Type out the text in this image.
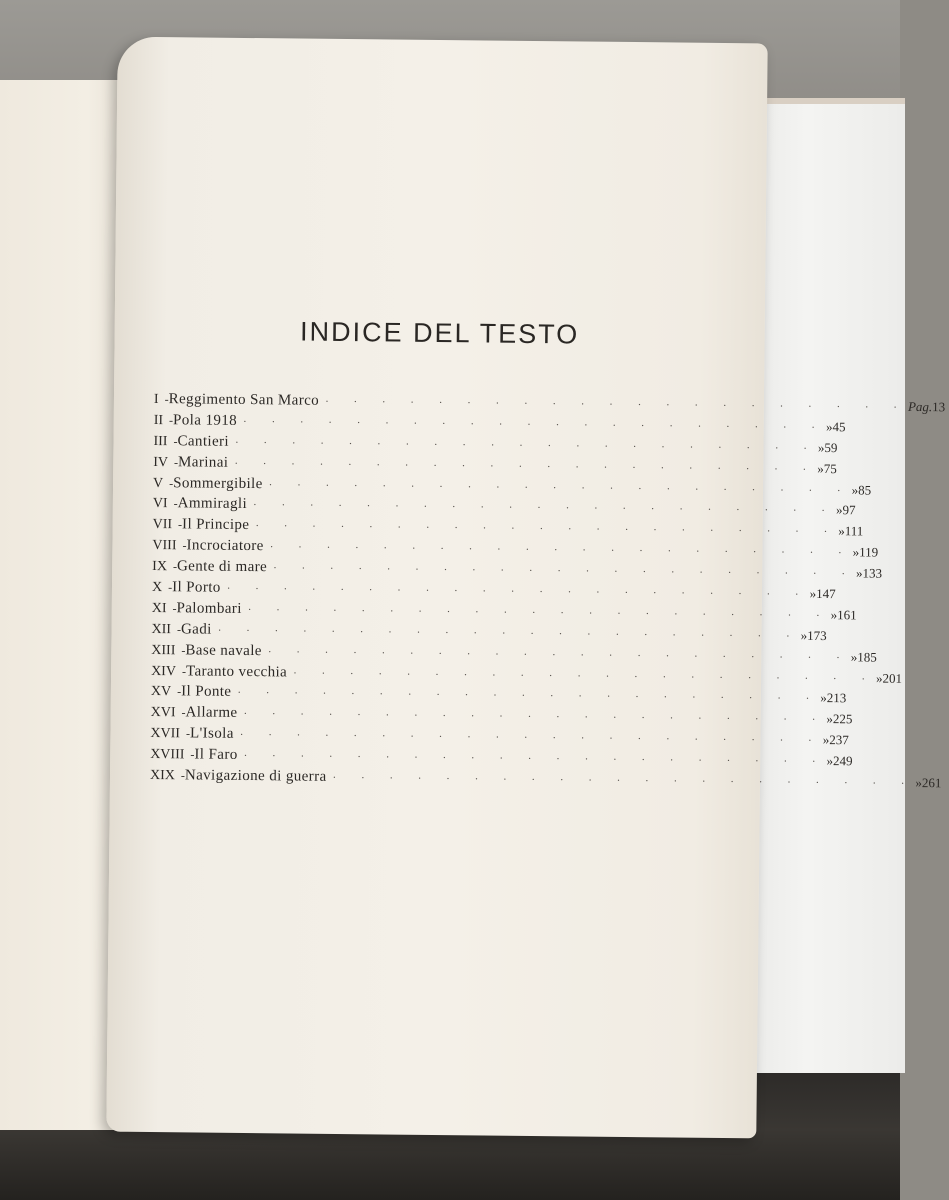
INDICE DEL TESTO
I - Reggimento San Marco · · · · · · · · · · · · · · · · · · · · · Pag. 13
II - Pola 1918 · · · · · · · · · · · · · · · · · · · · · » 45
III - Cantieri · · · · · · · · · · · · · · · · · · · · · » 59
IV - Marinai · · · · · · · · · · · · · · · · · · · · · » 75
V - Sommergibile · · · · · · · · · · · · · · · · · · · · · » 85
VI - Ammiragli · · · · · · · · · · · · · · · · · · · · · » 97
VII - Il Principe · · · · · · · · · · · · · · · · · · · · · » 111
VIII - Incrociatore · · · · · · · · · · · · · · · · · · · · · » 119
IX - Gente di mare · · · · · · · · · · · · · · · · · · · · · » 133
X - Il Porto · · · · · · · · · · · · · · · · · · · · · » 147
XI - Palombari · · · · · · · · · · · · · · · · · · · · · » 161
XII - Gadi · · · · · · · · · · · · · · · · · · · · · » 173
XIII - Base navale · · · · · · · · · · · · · · · · · · · · · » 185
XIV - Taranto vecchia · · · · · · · · · · · · · · · · · · · · · » 201
XV - Il Ponte · · · · · · · · · · · · · · · · · · · · · » 213
XVI - Allarme · · · · · · · · · · · · · · · · · · · · · » 225
XVII - L'Isola · · · · · · · · · · · · · · · · · · · · · » 237
XVIII - Il Faro · · · · · · · · · · · · · · · · · · · · · » 249
XIX - Navigazione di guerra · · · · · · · · · · · · · · · · · · · · · » 261
